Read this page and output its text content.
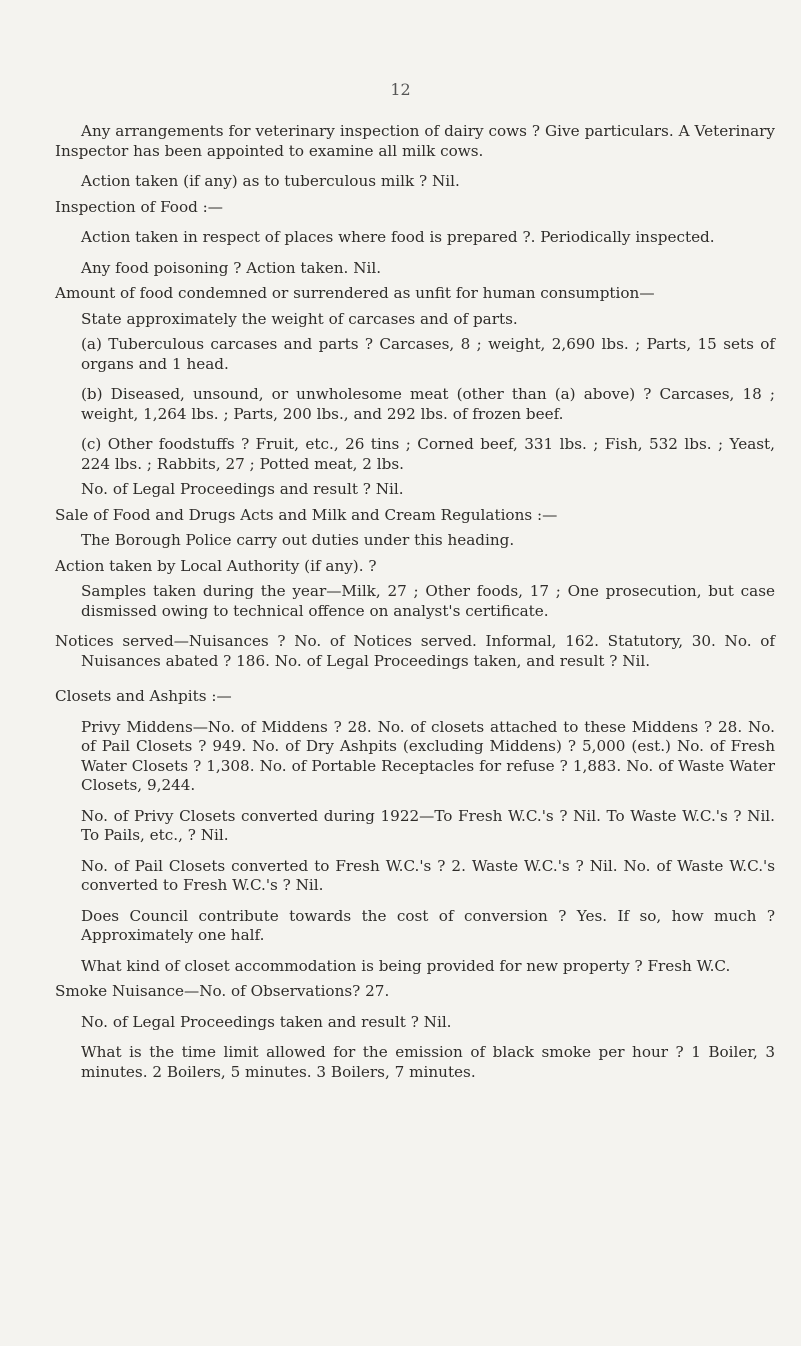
12

Any arrangements for veterinary inspection of dairy cows ? Give particulars. A Veterinary Inspector has been appointed to examine all milk cows.

Action taken (if any) as to tuberculous milk ? Nil.

Inspection of Food :—

Action taken in respect of places where food is prepared ?. Periodically inspected.

Any food poisoning ? Action taken. Nil.

Amount of food condemned or surrendered as unfit for human consumption—

State approximately the weight of carcases and of parts.

(a) Tuberculous carcases and parts ? Carcases, 8 ; weight, 2,690 lbs. ; Parts, 15 sets of organs and 1 head.

(b) Diseased, unsound, or unwholesome meat (other than (a) above) ? Carcases, 18 ; weight, 1,264 lbs. ; Parts, 200 lbs., and 292 lbs. of frozen beef.

(c) Other foodstuffs ? Fruit, etc., 26 tins ; Corned beef, 331 lbs. ; Fish, 532 lbs. ; Yeast, 224 lbs. ; Rabbits, 27 ; Potted meat, 2 lbs.

No. of Legal Proceedings and result ? Nil.

Sale of Food and Drugs Acts and Milk and Cream Regulations :—

The Borough Police carry out duties under this heading.

Action taken by Local Authority (if any). ?

Samples taken during the year—Milk, 27 ; Other foods, 17 ; One prosecution, but case dismissed owing to technical offence on analyst's certificate.

Notices served—Nuisances ? No. of Notices served. Informal, 162. Statutory, 30. No. of Nuisances abated ? 186. No. of Legal Proceedings taken, and result ? Nil.

Closets and Ashpits :—

Privy Middens—No. of Middens ? 28. No. of closets attached to these Middens ? 28. No. of Pail Closets ? 949. No. of Dry Ashpits (excluding Middens) ? 5,000 (est.) No. of Fresh Water Closets ? 1,308. No. of Portable Receptacles for refuse ? 1,883. No. of Waste Water Closets, 9,244.

No. of Privy Closets converted during 1922—To Fresh W.C.'s ? Nil. To Waste W.C.'s ? Nil. To Pails, etc., ? Nil.

No. of Pail Closets converted to Fresh W.C.'s ? 2. Waste W.C.'s ? Nil. No. of Waste W.C.'s converted to Fresh W.C.'s ? Nil.

Does Council contribute towards the cost of conversion ? Yes. If so, how much ? Approximately one half.

What kind of closet accommodation is being provided for new property ? Fresh W.C.

Smoke Nuisance—No. of Observations? 27.

No. of Legal Proceedings taken and result ? Nil.

What is the time limit allowed for the emission of black smoke per hour ? 1 Boiler, 3 minutes. 2 Boilers, 5 minutes. 3 Boilers, 7 minutes.
